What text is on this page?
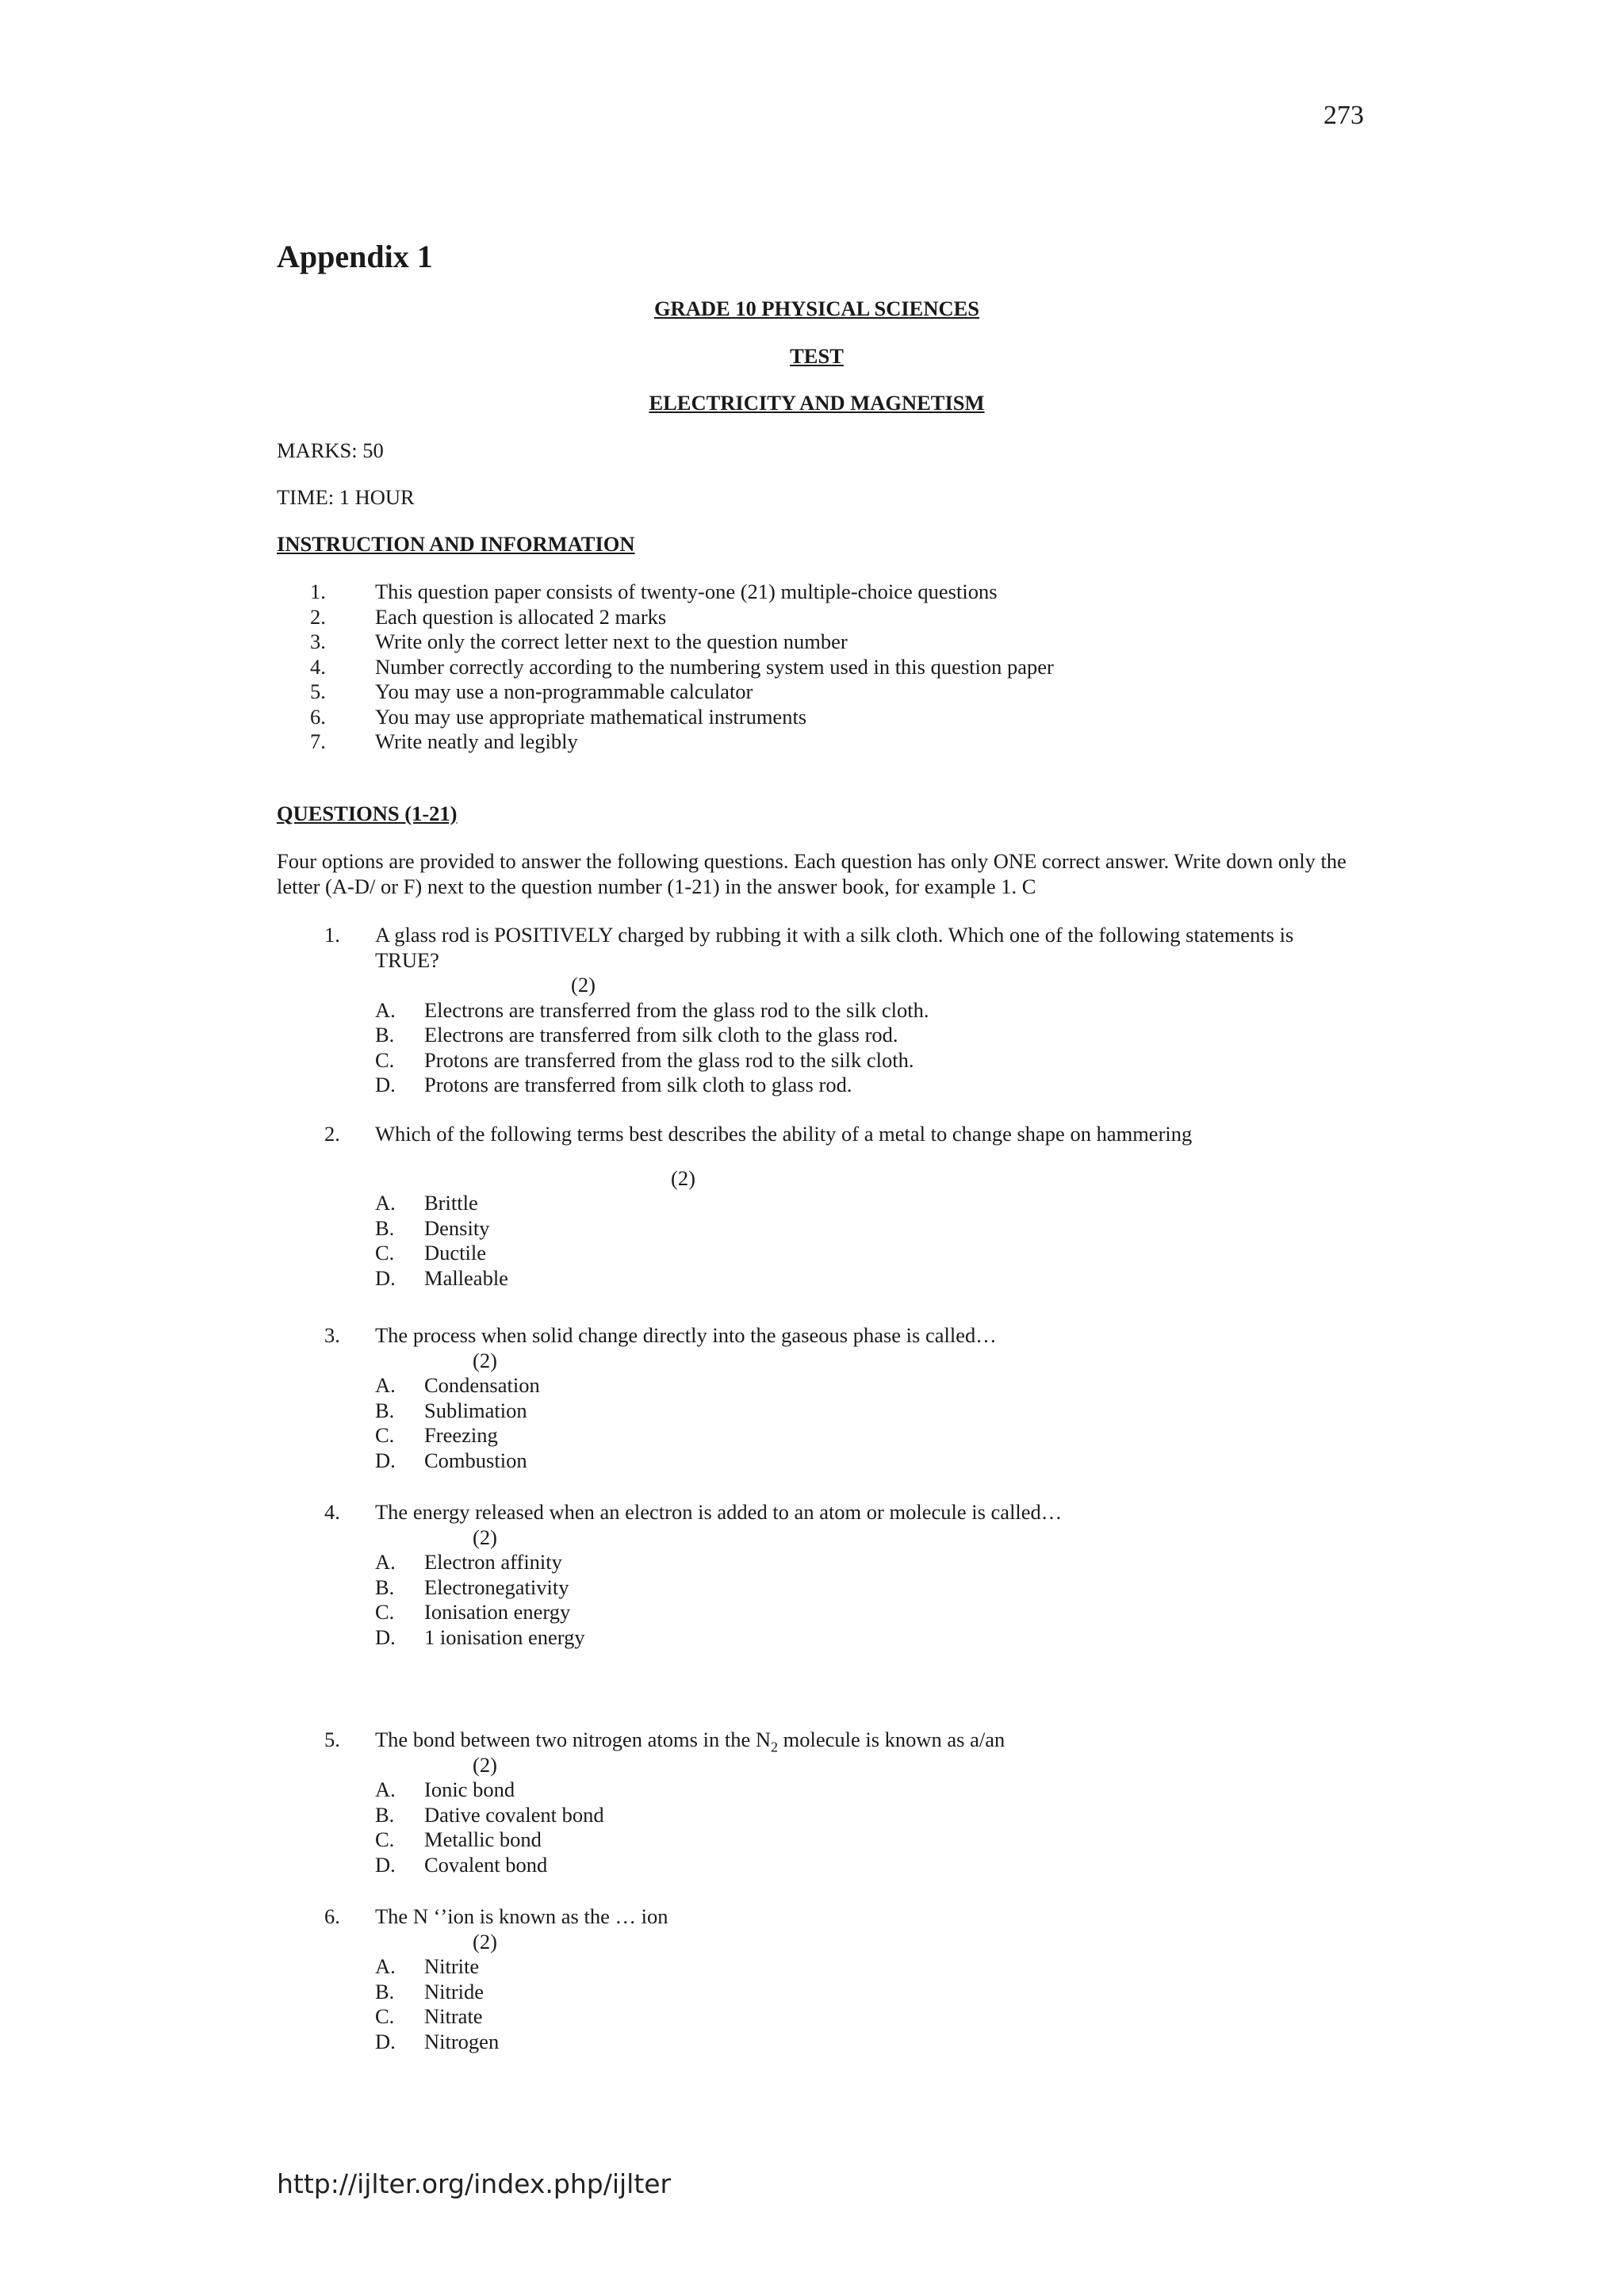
273
Appendix 1
GRADE 10 PHYSICAL SCIENCES
TEST
ELECTRICITY AND MAGNETISM
MARKS: 50
TIME: 1 HOUR
INSTRUCTION AND INFORMATION
1.	This question paper consists of twenty-one (21) multiple-choice questions
2.	Each question is allocated 2 marks
3.	Write only the correct letter next to the question number
4.	Number correctly according to the numbering system used in this question paper
5.	You may use a non-programmable calculator
6.	You may use appropriate mathematical instruments
7.	Write neatly and legibly
QUESTIONS (1-21)
Four options are provided to answer the following questions. Each question has only ONE correct answer. Write down only the letter (A-D/ or F) next to the question number (1-21) in the answer book, for example 1. C
1.	A glass rod is POSITIVELY charged by rubbing it with a silk cloth. Which one of the following statements is TRUE?
(2)
A.	Electrons are transferred from the glass rod to the silk cloth.
B.	Electrons are transferred from silk cloth to the glass rod.
C.	Protons are transferred from the glass rod to the silk cloth.
D.	Protons are transferred from silk cloth to glass rod.
2.	Which of the following terms best describes the ability of a metal to change shape on hammering
(2)
A.	Brittle
B.	Density
C.	Ductile
D.	Malleable
3.	The process when solid change directly into the gaseous phase is called…
(2)
A.	Condensation
B.	Sublimation
C.	Freezing
D.	Combustion
4.	The energy released when an electron is added to an atom or molecule is called…
(2)
A.	Electron affinity
B.	Electronegativity
C.	Ionisation energy
D.	1 ionisation energy
5.	The bond between two nitrogen atoms in the $N_2$ molecule is known as a/an
(2)
A.	Ionic bond
B.	Dative covalent bond
C.	Metallic bond
D.	Covalent bond
6.	The N ‘’ion is known as the … ion
(2)
A.	Nitrite
B.	Nitride
C.	Nitrate
D.	Nitrogen
http://ijlter.org/index.php/ijlter
